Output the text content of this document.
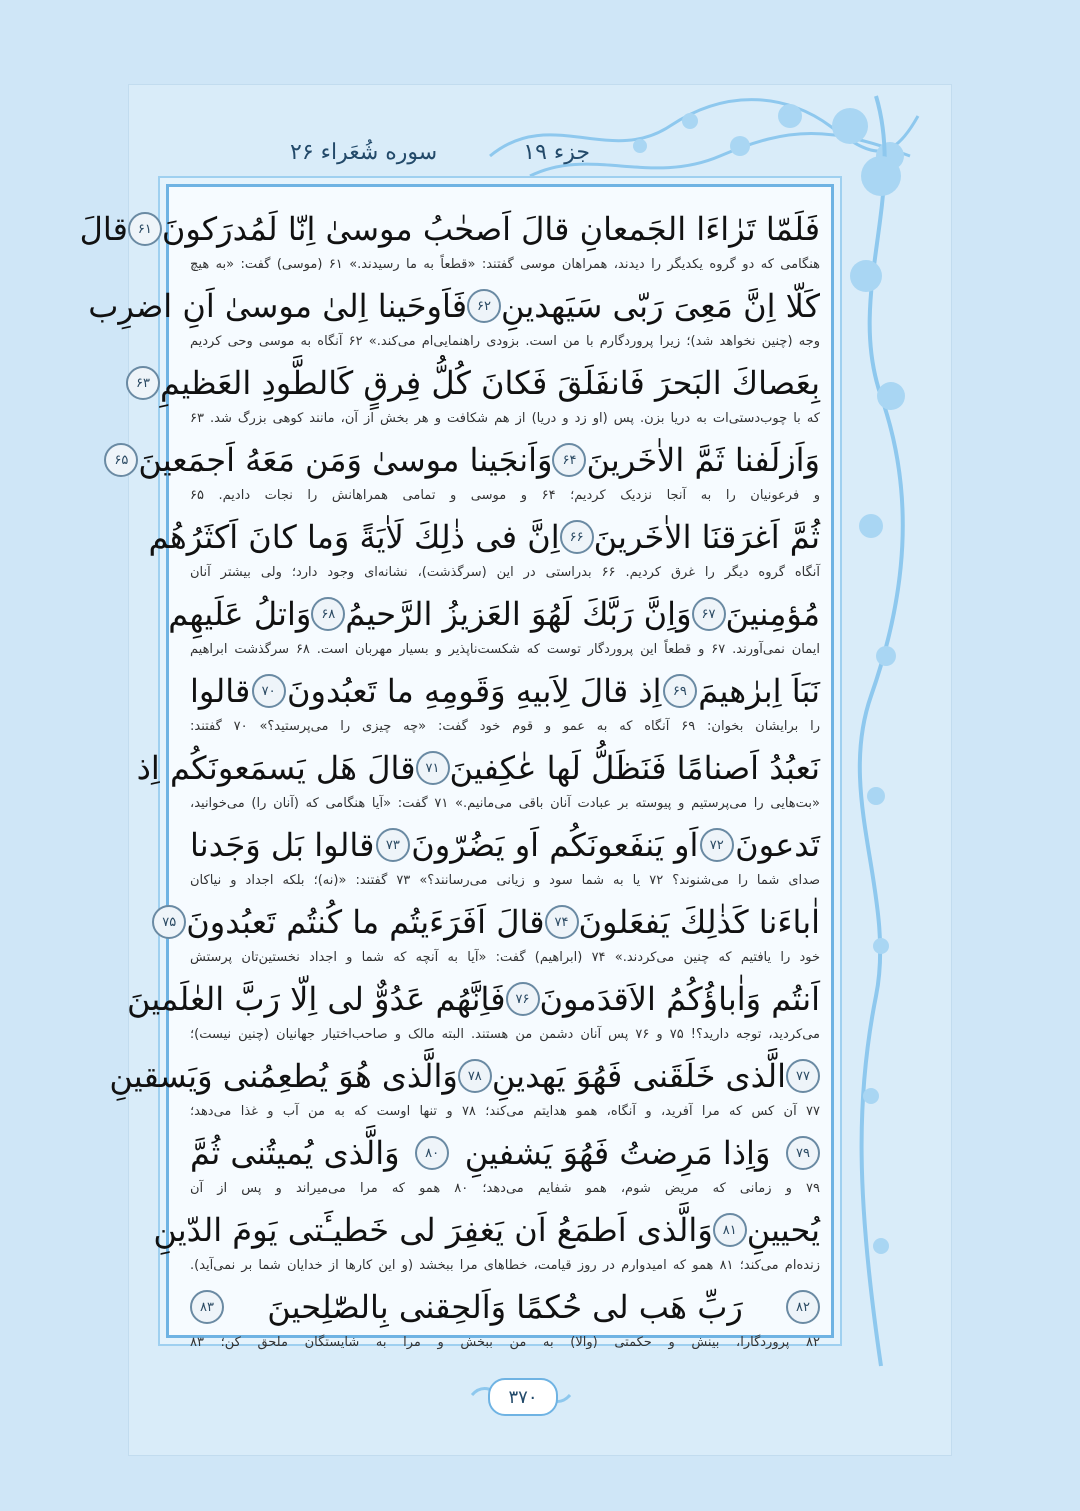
جزء ۱۹
سوره شُعَراء ۲۶
فَلَمّا تَرٰاءَا الجَمعانِ قالَ اَصحٰبُ موسىٰ اِنّا لَمُدرَكونَ
۶۱
قالَ
هنگامی که دو گروه یکدیگر را دیدند، همراهان موسی گفتند: «قطعاً به ما رسیدند.» ۶۱ (موسی) گفت: «به هیچ
كَلّا اِنَّ مَعِیَ رَبّی سَیَهدینِ
۶۲
فَاَوحَینا اِلىٰ موسىٰ اَنِ اضرِب
وجه (چنین نخواهد شد)؛ زیرا پروردگارم با من است. بزودی راهنمایی‌ام می‌کند.» ۶۲ آنگاه به موسی وحی کردیم
بِعَصاكَ البَحرَ فَانفَلَقَ فَكانَ كُلُّ فِرقٍ كَالطَّودِ العَظیمِ
۶۳
که با چوب‌دستی‌ات به دریا بزن. پس (او زد و دریا) از هم شکافت و هر بخش از آن، مانند کوهی بزرگ شد. ۶۳
وَاَزلَفنا ثَمَّ الاٰخَرینَ
۶۴
وَاَنجَینا موسىٰ وَمَن مَعَهُ اَجمَعینَ
۶۵
و فرعونیان را به آنجا نزدیک کردیم؛ ۶۴ و موسی و تمامی همراهانش را نجات دادیم. ۶۵
ثُمَّ اَغرَقنَا الاٰخَرینَ
۶۶
اِنَّ فی ذٰلِكَ لَاٰیَةً وَما كانَ اَكثَرُهُم
آنگاه گروه دیگر را غرق کردیم. ۶۶ بدراستی در این (سرگذشت)، نشانه‌ای وجود دارد؛ ولی بیشتر آنان
مُؤمِنینَ
۶۷
وَاِنَّ رَبَّكَ لَهُوَ العَزیزُ الرَّحیمُ
۶۸
وَاتلُ عَلَیهِم
ایمان نمی‌آورند. ۶۷ و قطعاً این پروردگار توست که شکست‌ناپذیر و بسیار مهربان است. ۶۸ سرگذشت ابراهیم
نَبَاَ اِبرٰهیمَ
۶۹
اِذ قالَ لِاَبیهِ وَقَومِهِ ما تَعبُدونَ
۷۰
قالوا
را برایشان بخوان: ۶۹ آنگاه که به عمو و قوم خود گفت: «چه چیزی را می‌پرستید؟» ۷۰ گفتند:
نَعبُدُ اَصنامًا فَنَظَلُّ لَها عٰكِفینَ
۷۱
قالَ هَل یَسمَعونَكُم اِذ
«بت‌هایی را می‌پرستیم و پیوسته بر عبادت آنان باقی می‌مانیم.» ۷۱ گفت: «آیا هنگامی که (آنان را) می‌خوانید،
تَدعونَ
۷۲
اَو یَنفَعونَكُم اَو یَضُرّونَ
۷۳
قالوا بَل وَجَدنا
صدای شما را می‌شنوند؟ ۷۲ یا به شما سود و زیانی می‌رسانند؟» ۷۳ گفتند: «(نه)؛ بلکه اجداد و نیاکان
اٰباءَنا كَذٰلِكَ یَفعَلونَ
۷۴
قالَ اَفَرَءَیتُم ما كُنتُم تَعبُدونَ
۷۵
خود را یافتیم که چنین می‌کردند.» ۷۴ (ابراهیم) گفت: «آیا به آنچه که شما و اجداد نخستین‌تان پرستش
اَنتُم وَاٰباؤُكُمُ الاَقدَمونَ
۷۶
فَاِنَّهُم عَدُوٌّ لی اِلّا رَبَّ العٰلَمینَ
می‌کردید، توجه دارید؟! ۷۵ و ۷۶ پس آنان دشمن من هستند. البته مالک و صاحب‌اختیار جهانیان (چنین نیست)؛
۷۷
الَّذی خَلَقَنی فَهُوَ یَهدینِ
۷۸
وَالَّذی هُوَ یُطعِمُنی وَیَسقینِ
۷۷ آن کس که مرا آفرید، و آنگاه، همو هدایتم می‌کند؛ ۷۸ و تنها اوست که به من آب و غذا می‌دهد؛
۷۹
وَاِذا مَرِضتُ فَهُوَ یَشفینِ
۸۰
وَالَّذی یُمیتُنی ثُمَّ
۷۹ و زمانی که مریض شوم، همو شفایم می‌دهد؛ ۸۰ همو که مرا می‌میراند و پس از آن
یُحیینِ
۸۱
وَالَّذی اَطمَعُ اَن یَغفِرَ لی خَطیـَٔتی یَومَ الدّینِ
زنده‌ام می‌کند؛ ۸۱ همو که امیدوارم در روز قیامت، خطاهای مرا ببخشد (و این کارها از خدایان شما بر نمی‌آید).
۸۲
رَبِّ هَب لی حُكمًا وَاَلحِقنی بِالصّٰلِحینَ
۸۳
۸۲ پروردگارا، بینش و حکمتی (والا) به من ببخش و مرا به شایستگان ملحق کن؛ ۸۳
۳۷۰
